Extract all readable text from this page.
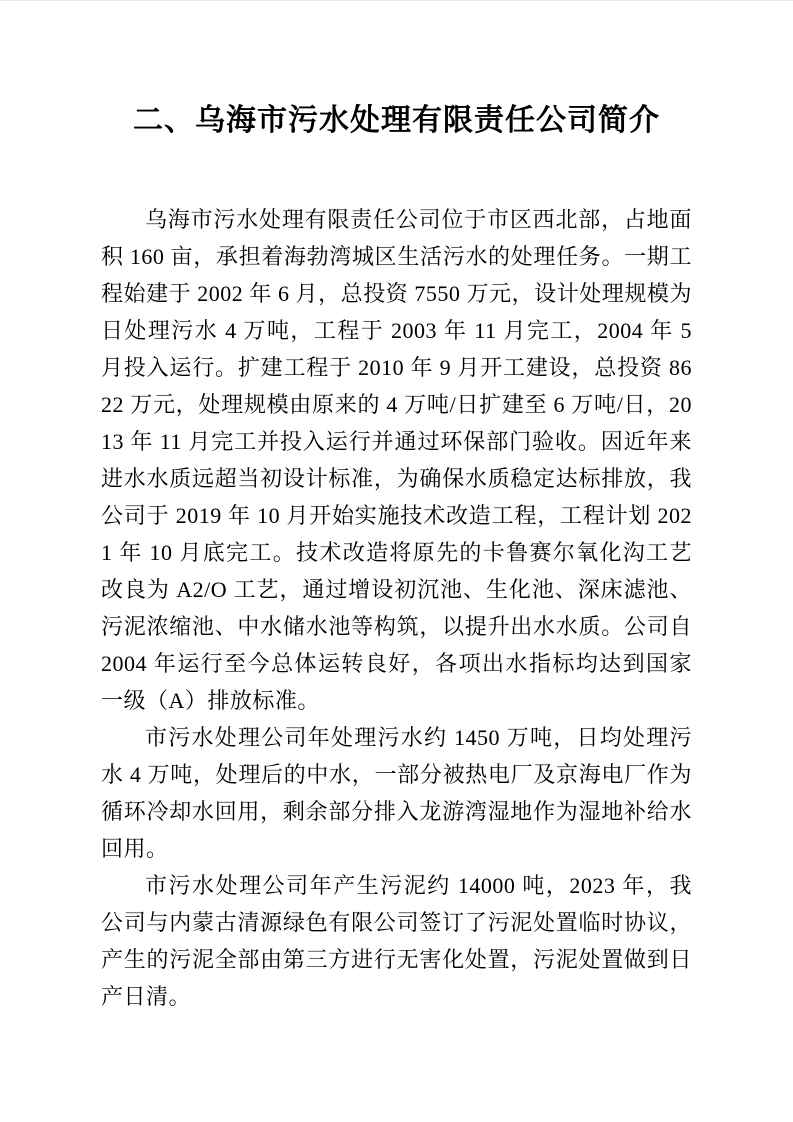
二、乌海市污水处理有限责任公司简介

乌海市污水处理有限责任公司位于市区西北部，占地面积 160 亩，承担着海勃湾城区生活污水的处理任务。一期工程始建于 2002 年 6 月，总投资 7550 万元，设计处理规模为日处理污水 4 万吨，工程于 2003 年 11 月完工，2004 年 5 月投入运行。扩建工程于 2010 年 9 月开工建设，总投资 8622 万元，处理规模由原来的 4 万吨/日扩建至 6 万吨/日，2013 年 11 月完工并投入运行并通过环保部门验收。因近年来进水水质远超当初设计标准，为确保水质稳定达标排放，我公司于 2019 年 10 月开始实施技术改造工程，工程计划 2021 年 10 月底完工。技术改造将原先的卡鲁赛尔氧化沟工艺改良为 A2/O 工艺，通过增设初沉池、生化池、深床滤池、污泥浓缩池、中水储水池等构筑，以提升出水水质。公司自 2004 年运行至今总体运转良好，各项出水指标均达到国家一级（A）排放标准。

市污水处理公司年处理污水约 1450 万吨，日均处理污水 4 万吨，处理后的中水，一部分被热电厂及京海电厂作为循环冷却水回用，剩余部分排入龙游湾湿地作为湿地补给水回用。

市污水处理公司年产生污泥约 14000 吨，2023 年，我公司与内蒙古清源绿色有限公司签订了污泥处置临时协议，产生的污泥全部由第三方进行无害化处置，污泥处置做到日产日清。
